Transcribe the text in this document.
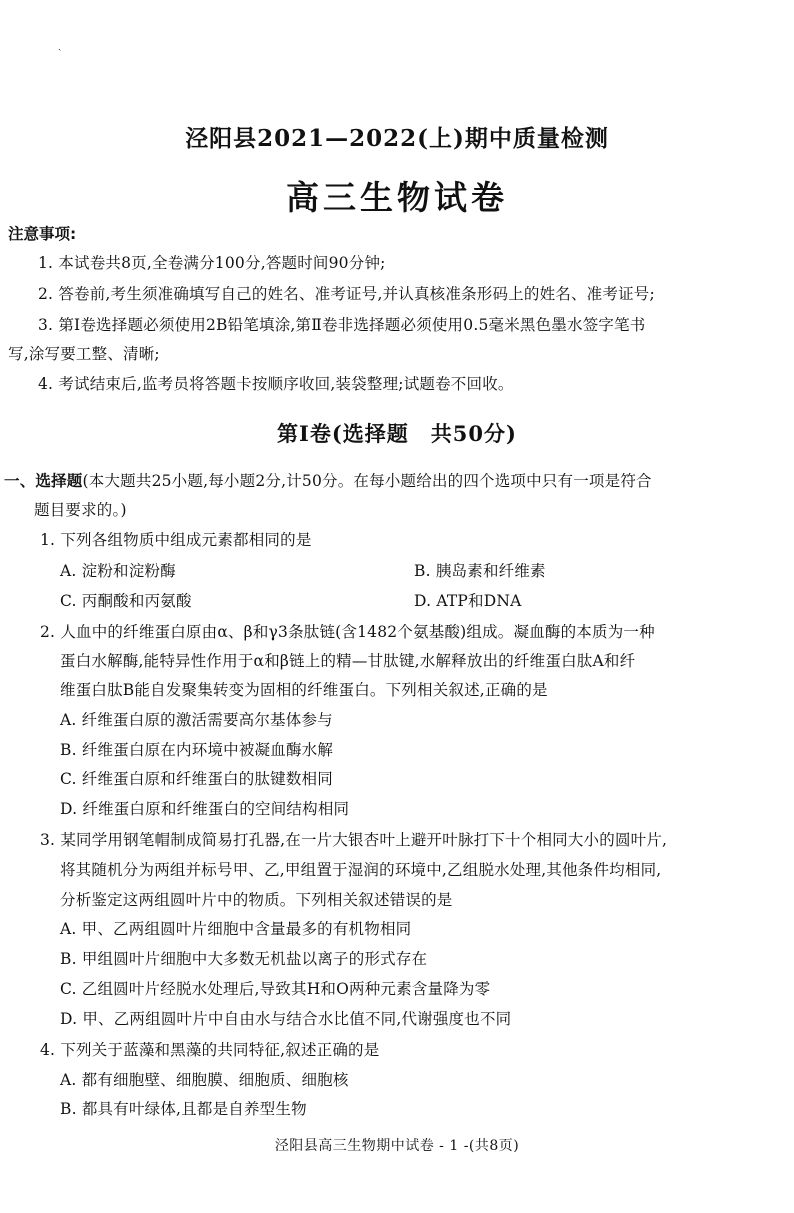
ˏ
泾阳县2021—2022(上)期中质量检测
高三生物试卷
注意事项:
1. 本试卷共8页,全卷满分100分,答题时间90分钟;
2. 答卷前,考生须准确填写自己的姓名、准考证号,并认真核准条形码上的姓名、准考证号;
3. 第Ⅰ卷选择题必须使用2B铅笔填涂,第Ⅱ卷非选择题必须使用0.5毫米黑色墨水签字笔书
写,涂写要工整、清晰;
4. 考试结束后,监考员将答题卡按顺序收回,装袋整理;试题卷不回收。
第Ⅰ卷(选择题　共50分)
一、选择题(本大题共25小题,每小题2分,计50分。在每小题给出的四个选项中只有一项是符合
题目要求的。)
1. 下列各组物质中组成元素都相同的是
A. 淀粉和淀粉酶	B. 胰岛素和纤维素
C. 丙酮酸和丙氨酸	D. ATP和DNA
2. 人血中的纤维蛋白原由α、β和γ3条肽链(含1482个氨基酸)组成。凝血酶的本质为一种
蛋白水解酶,能特异性作用于α和β链上的精—甘肽键,水解释放出的纤维蛋白肽A和纤
维蛋白肽B能自发聚集转变为固相的纤维蛋白。下列相关叙述,正确的是
A. 纤维蛋白原的激活需要高尔基体参与
B. 纤维蛋白原在内环境中被凝血酶水解
C. 纤维蛋白原和纤维蛋白的肽键数相同
D. 纤维蛋白原和纤维蛋白的空间结构相同
3. 某同学用钢笔帽制成简易打孔器,在一片大银杏叶上避开叶脉打下十个相同大小的圆叶片,
将其随机分为两组并标号甲、乙,甲组置于湿润的环境中,乙组脱水处理,其他条件均相同,
分析鉴定这两组圆叶片中的物质。下列相关叙述错误的是
A. 甲、乙两组圆叶片细胞中含量最多的有机物相同
B. 甲组圆叶片细胞中大多数无机盐以离子的形式存在
C. 乙组圆叶片经脱水处理后,导致其H和O两种元素含量降为零
D. 甲、乙两组圆叶片中自由水与结合水比值不同,代谢强度也不同
4. 下列关于蓝藻和黑藻的共同特征,叙述正确的是
A. 都有细胞壁、细胞膜、细胞质、细胞核
B. 都具有叶绿体,且都是自养型生物
泾阳县高三生物期中试卷 - 1 -(共8页)
